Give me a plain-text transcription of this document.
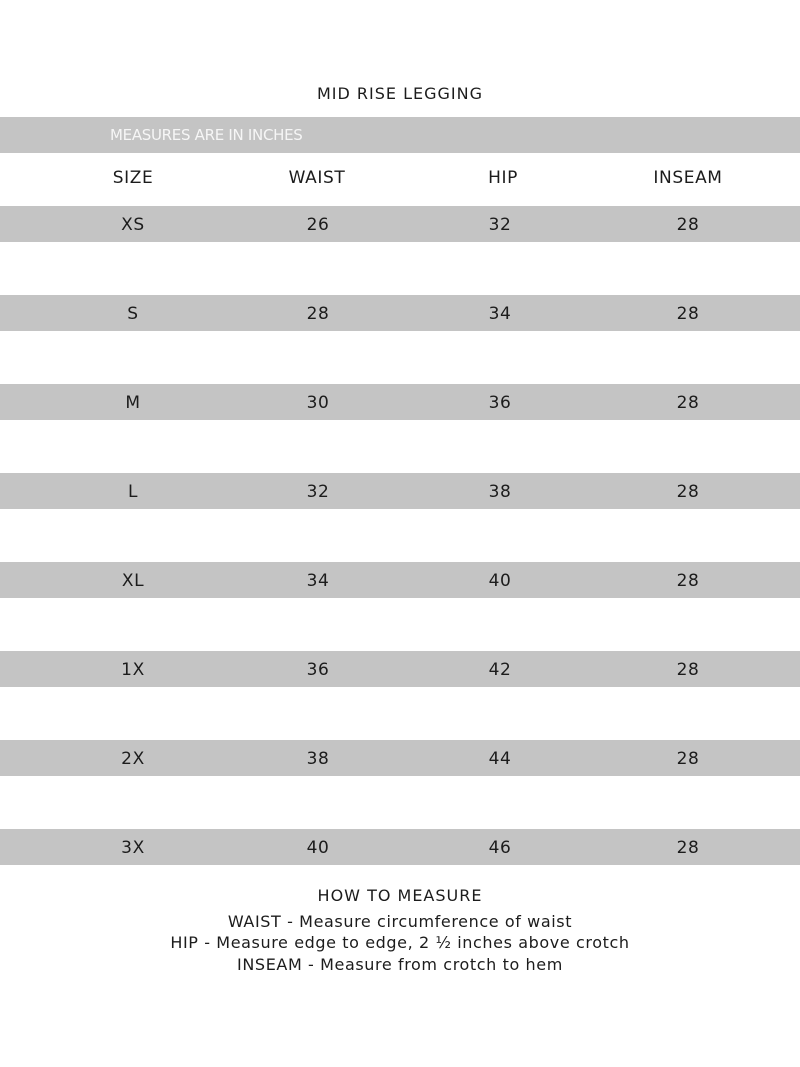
MID RISE LEGGING
MEASURES ARE IN INCHES
SIZE	WAIST	HIP	INSEAM
XS	26	32	28
S	28	34	28
M	30	36	28
L	32	38	28
XL	34	40	28
1X	36	42	28
2X	38	44	28
3X	40	46	28
HOW TO MEASURE
WAIST - Measure circumference of waist
HIP - Measure edge to edge, 2 ½ inches above crotch
INSEAM - Measure from crotch to hem
